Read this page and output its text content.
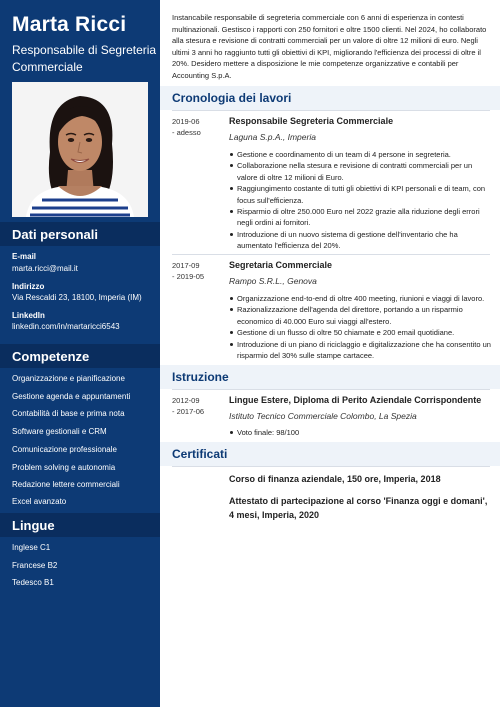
Marta Ricci
Responsabile di Segreteria Commerciale
Dati personali
E-mail
marta.ricci@mail.it
Indirizzo
Via Rescaldi 23, 18100, Imperia (IM)
LinkedIn
linkedin.com/in/martaricci6543
Competenze
Organizzazione e pianificazione
Gestione agenda e appuntamenti
Contabilità di base e prima nota
Software gestionali e CRM
Comunicazione professionale
Problem solving e autonomia
Redazione lettere commerciali
Excel avanzato
Lingue
Inglese C1
Francese B2
Tedesco B1
Instancabile responsabile di segreteria commerciale con 6 anni di esperienza in contesti multinazionali. Gestisco i rapporti con 250 fornitori e oltre 1500 clienti. Nel 2024, ho collaborato alla stesura e revisione di contratti commerciali per un valore di oltre 12 milioni di euro. Negli ultimi 3 anni ho raggiunto tutti gli obiettivi di KPI, migliorando l'efficienza dei processi di oltre il 20%. Desidero mettere a disposizione le mie competenze organizzative e contabili per Accounting S.p.A.
Cronologia dei lavori
2019-06
- adesso
Responsabile Segreteria Commerciale
Laguna S.p.A., Imperia
Gestione e coordinamento di un team di 4 persone in segreteria.
Collaborazione nella stesura e revisione di contratti commerciali per un valore di oltre 12 milioni di Euro.
Raggiungimento costante di tutti gli obiettivi di KPI personali e di team, con focus sull'efficienza.
Risparmio di oltre 250.000 Euro nel 2022 grazie alla riduzione degli errori negli ordini ai fornitori.
Introduzione di un nuovo sistema di gestione dell'inventario che ha aumentato l'efficienza del 20%.
2017-09
- 2019-05
Segretaria Commerciale
Rampo S.R.L., Genova
Organizzazione end-to-end di oltre 400 meeting, riunioni e viaggi di lavoro.
Razionalizzazione dell'agenda del direttore, portando a un risparmio economico di 40.000 Euro sui viaggi all'estero.
Gestione di un flusso di oltre 50 chiamate e 200 email quotidiane.
Introduzione di un piano di riciclaggio e digitalizzazione che ha consentito un risparmio del 30% sulle stampe cartacee.
Istruzione
2012-09
- 2017-06
Lingue Estere, Diploma di Perito Aziendale Corrispondente
Istituto Tecnico Commerciale Colombo, La Spezia
Voto finale: 98/100
Certificati
Corso di finanza aziendale, 150 ore, Imperia, 2018
Attestato di partecipazione al corso 'Finanza oggi e domani', 4 mesi, Imperia, 2020
